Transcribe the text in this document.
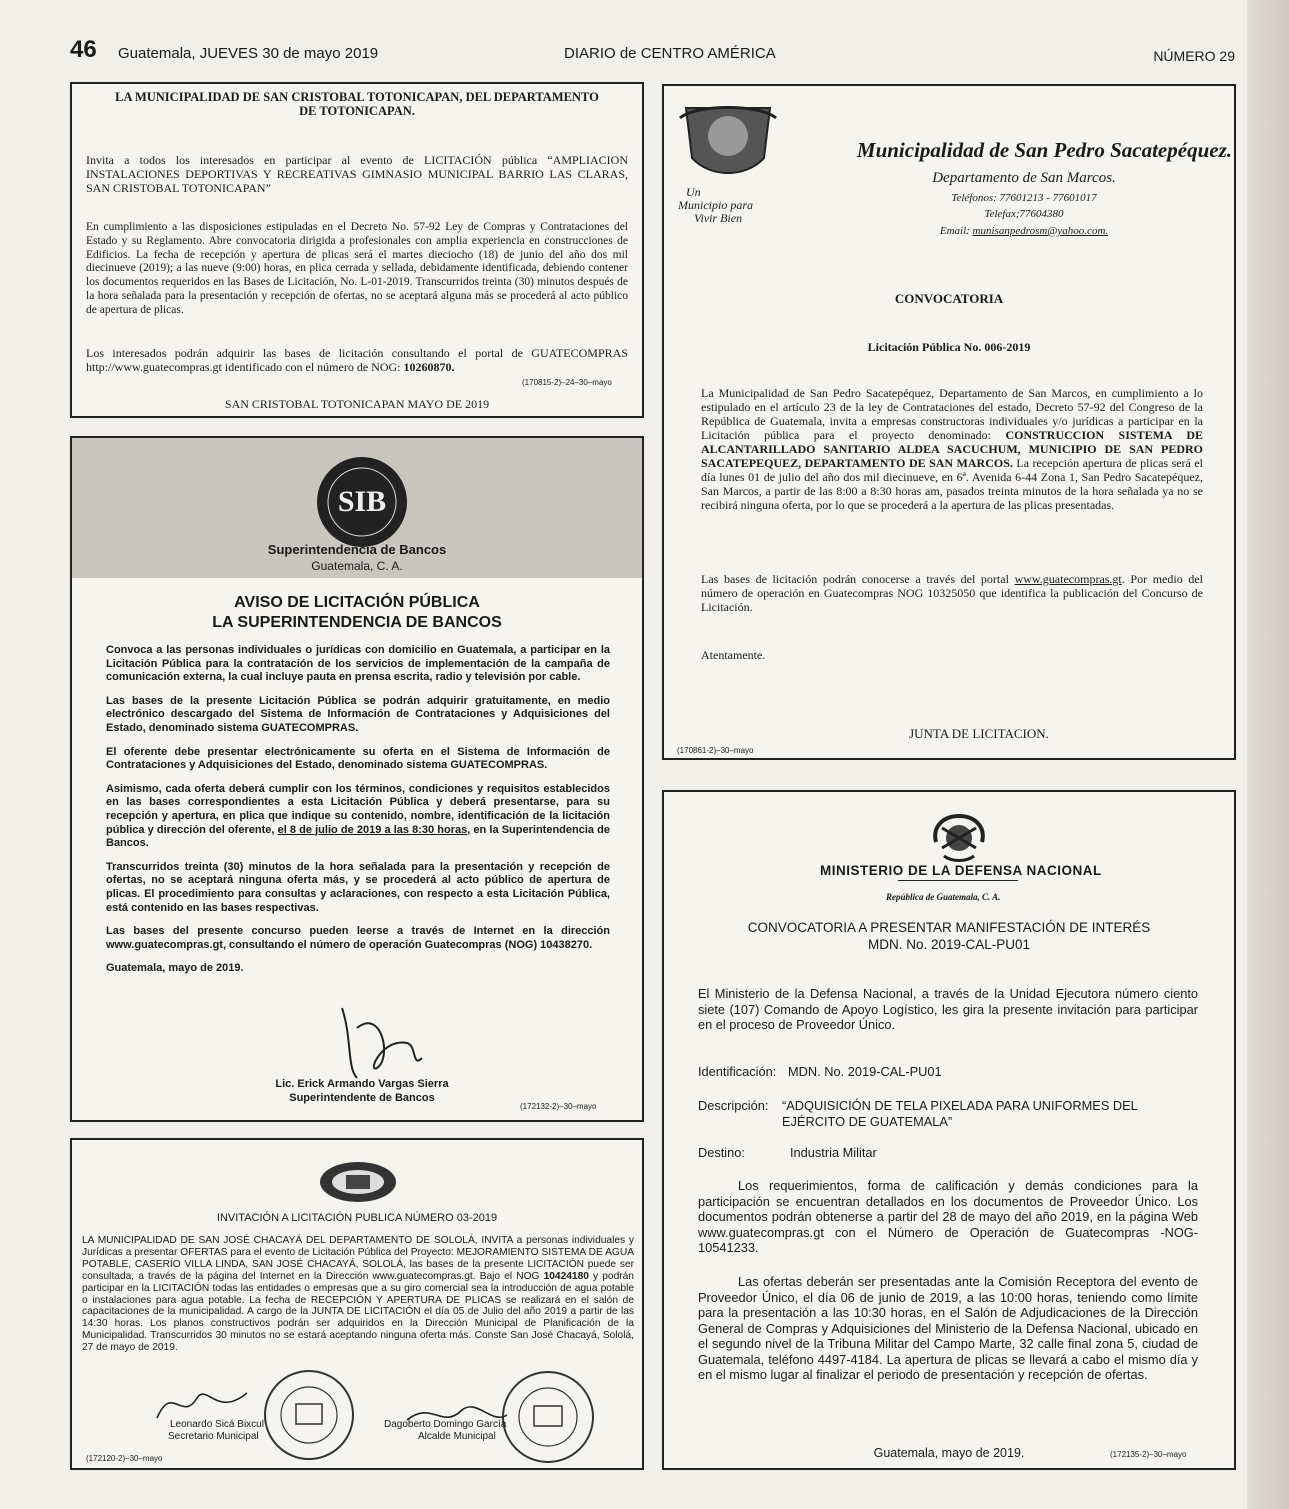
46 Guatemala, JUEVES 30 de mayo 2019	DIARIO de CENTRO AMÉRICA	NÚMERO 29
LA MUNICIPALIDAD DE SAN CRISTOBAL TOTONICAPAN, DEL DEPARTAMENTO DE TOTONICAPAN.
Invita a todos los interesados en participar al evento de LICITACIÓN pública “AMPLIACION INSTALACIONES DEPORTIVAS Y RECREATIVAS GIMNASIO MUNICIPAL BARRIO LAS CLARAS, SAN CRISTOBAL TOTONICAPAN”
En cumplimiento a las disposiciones estipuladas en el Decreto No. 57-92 Ley de Compras y Contrataciones del Estado y su Reglamento. Abre convocatoria dirigida a profesionales con amplia experiencia en construcciones de Edificios. La fecha de recepción y apertura de plicas será el martes dieciocho (18) de junio del año dos mil diecinueve (2019); a las nueve (9:00) horas, en plica cerrada y sellada, debidamente identificada, debiendo contener los documentos requeridos en las Bases de Licitación, No. L-01-2019. Transcurridos treinta (30) minutos después de la hora señalada para la presentación y recepción de ofertas, no se aceptará alguna más se procederá al acto público de apertura de plicas.
Los interesados podrán adquirir las bases de licitación consultando el portal de GUATECOMPRAS http://www.guatecompras.gt identificado con el número de NOG: 10260870.
(170815-2)–24–30–mayo
SAN CRISTOBAL TOTONICAPAN MAYO DE 2019
SIB
Superintendencia de Bancos
Guatemala, C. A.
AVISO DE LICITACIÓN PÚBLICA
LA SUPERINTENDENCIA DE BANCOS

Convoca a las personas individuales o jurídicas con domicilio en Guatemala, a participar en la Licitación Pública para la contratación de los servicios de implementación de la campaña de comunicación externa, la cual incluye pauta en prensa escrita, radio y televisión por cable.

Las bases de la presente Licitación Pública se podrán adquirir gratuitamente, en medio electrónico descargado del Sistema de Información de Contrataciones y Adquisiciones del Estado, denominado sistema GUATECOMPRAS.

El oferente debe presentar electrónicamente su oferta en el Sistema de Información de Contrataciones y Adquisiciones del Estado, denominado sistema GUATECOMPRAS.

Asimismo, cada oferta deberá cumplir con los términos, condiciones y requisitos establecidos en las bases correspondientes a esta Licitación Pública y deberá presentarse, para su recepción y apertura, en plica que indique su contenido, nombre, identificación de la licitación pública y dirección del oferente, el 8 de julio de 2019 a las 8:30 horas, en la Superintendencia de Bancos.

Transcurridos treinta (30) minutos de la hora señalada para la presentación y recepción de ofertas, no se aceptará ninguna oferta más, y se procederá al acto público de apertura de plicas. El procedimiento para consultas y aclaraciones, con respecto a esta Licitación Pública, está contenido en las bases respectivas.

Las bases del presente concurso pueden leerse a través de Internet en la dirección www.guatecompras.gt, consultando el número de operación Guatecompras (NOG) 10438270.

Guatemala, mayo de 2019.

Lic. Erick Armando Vargas Sierra
Superintendente de Bancos
(172132-2)–30–mayo
INVITACIÓN A LICITACIÓN PUBLICA NÚMERO 03-2019
LA MUNICIPALIDAD DE SAN JOSÉ CHACAYÁ DEL DEPARTAMENTO DE SOLOLÁ, INVITA a personas individuales y Jurídicas a presentar OFERTAS para el evento de Licitación Pública del Proyecto: MEJORAMIENTO SISTEMA DE AGUA POTABLE, CASERÍO VILLA LINDA, SAN JOSÉ CHACAYÁ, SOLOLÁ, las bases de la presente LICITACIÓN puede ser consultada, a través de la página del Internet en la Dirección www.guatecompras.gt. Bajo el NOG 10424180 y podrán participar en la LICITACIÓN todas las entidades o empresas que a su giro comercial sea la introducción de agua potable o instalaciones para agua potable. La fecha de RECEPCIÓN Y APERTURA DE PLICAS se realizará en el salón de capacitaciones de la municipalidad. A cargo de la JUNTA DE LICITACIÓN el día 05 de Julio del año 2019 a partir de las 14:30 horas. Los planos constructivos podrán ser adquiridos en la Dirección Municipal de Planificación de la Municipalidad. Transcurridos 30 minutos no se estará aceptando ninguna oferta más. Conste San José Chacayá, Sololá, 27 de mayo de 2019.
Leonardo Sicá Bixcul
Secretario Municipal
Dagoberto Domingo García
Alcalde Municipal
(172120-2)–30–mayo
Un
Municipio para
Vivir Bien
Municipalidad de San Pedro Sacatepéquez.
Departamento de San Marcos.
Teléfonos: 77601213 - 77601017
Telefax;77604380
Email: munisanpedrosm@yahoo.com.
CONVOCATORIA
Licitación Pública No. 006-2019
La Municipalidad de San Pedro Sacatepéquez, Departamento de San Marcos, en cumplimiento a lo estipulado en el artículo 23 de la ley de Contrataciones del estado, Decreto 57-92 del Congreso de la República de Guatemala, invita a empresas constructoras individuales y/o jurídicas a participar en la Licitación pública para el proyecto denominado: CONSTRUCCION SISTEMA DE ALCANTARILLADO SANITARIO ALDEA SACUCHUM, MUNICIPIO DE SAN PEDRO SACATEPEQUEZ, DEPARTAMENTO DE SAN MARCOS. La recepción apertura de plicas será el día lunes 01 de julio del año dos mil diecinueve, en 6ª. Avenida 6-44 Zona 1, San Pedro Sacatepéquez, San Marcos, a partir de las 8:00 a 8:30 horas am, pasados treinta minutos de la hora señalada ya no se recibirá ninguna oferta, por lo que se procederá a la apertura de las plicas presentadas.
Las bases de licitación podrán conocerse a través del portal www.guatecompras.gt. Por medio del número de operación en Guatecompras NOG 10325050 que identifica la publicación del Concurso de Licitación.
Atentamente.
JUNTA DE LICITACION.
(170861-2)–30–mayo
MINISTERIO DE LA DEFENSA NACIONAL
República de Guatemala, C. A.
CONVOCATORIA A PRESENTAR MANIFESTACIÓN DE INTERÉS
MDN. No. 2019-CAL-PU01
El Ministerio de la Defensa Nacional, a través de la Unidad Ejecutora número ciento siete (107) Comando de Apoyo Logístico, les gira la presente invitación para participar en el proceso de Proveedor Único.
Identificación: MDN. No. 2019-CAL-PU01
Descripción: “ADQUISICIÓN DE TELA PIXELADA PARA UNIFORMES DEL EJÉRCITO DE GUATEMALA”
Destino:	Industria Militar
Los requerimientos, forma de calificación y demás condiciones para la participación se encuentran detallados en los documentos de Proveedor Único. Los documentos podrán obtenerse a partir del 28 de mayo del año 2019, en la página Web www.guatecompras.gt con el Número de Operación de Guatecompras -NOG- 10541233.
Las ofertas deberán ser presentadas ante la Comisión Receptora del evento de Proveedor Único, el día 06 de junio de 2019, a las 10:00 horas, teniendo como límite para la presentación a las 10:30 horas, en el Salón de Adjudicaciones de la Dirección General de Compras y Adquisiciones del Ministerio de la Defensa Nacional, ubicado en el segundo nivel de la Tribuna Militar del Campo Marte, 32 calle final zona 5, ciudad de Guatemala, teléfono 4497-4184. La apertura de plicas se llevará a cabo el mismo día y en el mismo lugar al finalizar el periodo de presentación y recepción de ofertas.
Guatemala, mayo de 2019.	(172135-2)–30–mayo
